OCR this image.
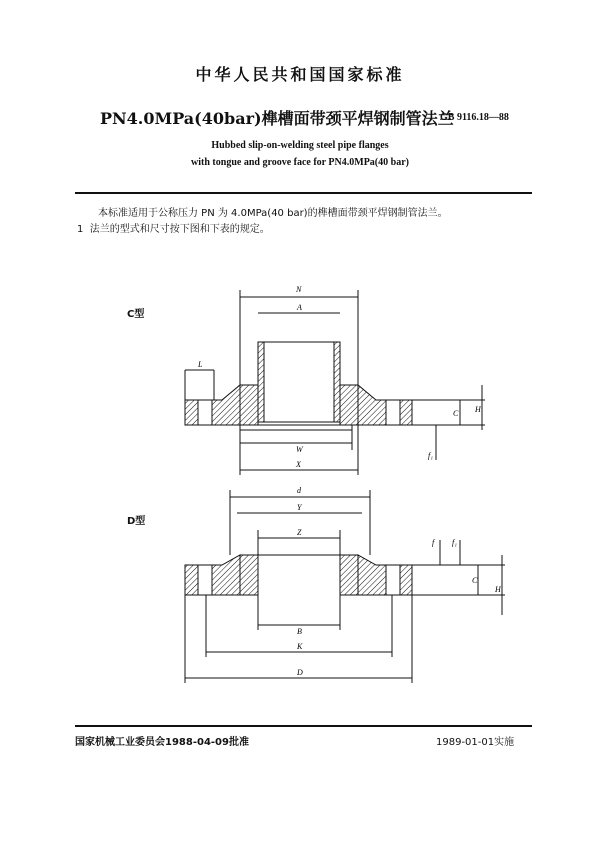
中华人民共和国国家标准
PN4.0MPa(40bar)榫槽面带颈平焊钢制管法兰
GB 9116.18—88
Hubbed slip-on-welding steel pipe flanges
with tongue and groove face for PN4.0MPa(40 bar)
本标准适用于公称压力 PN 为 4.0MPa(40 bar)的榫槽面带颈平焊钢制管法兰。
1 法兰的型式和尺寸按下图和下表的规定。
C型
D型
N
A
L
W
X
C H
f₁
d
Y
Z
B
K
D
f f₁
C
H
国家机械工业委员会1988-04-09批准	1989-01-01实施
